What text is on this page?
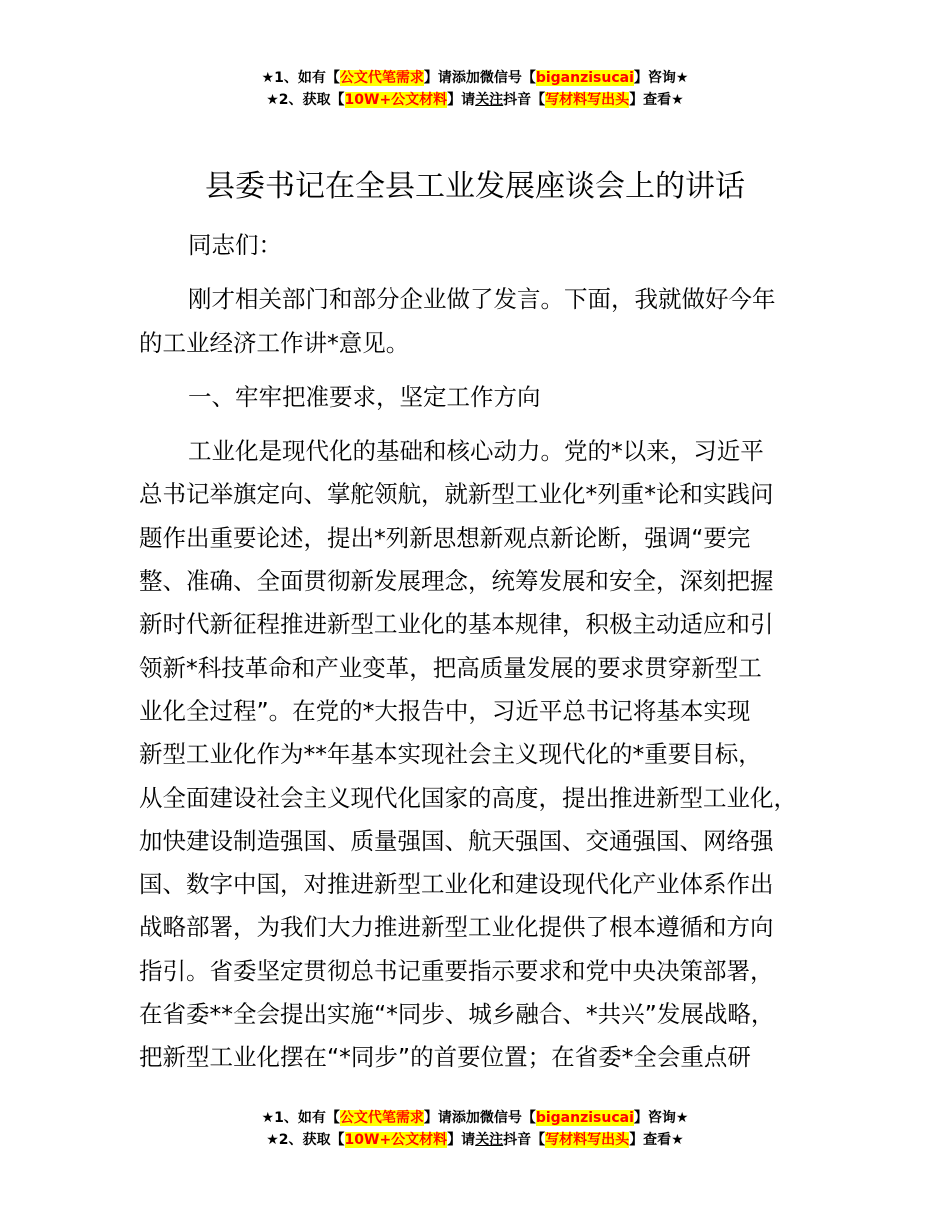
★1、如有【公文代笔需求】请添加微信号【biganzisucai】咨询★
★2、获取【10W+公文材料】请关注抖音【写材料写出头】查看★
县委书记在全县工业发展座谈会上的讲话

同志们：

刚才相关部门和部分企业做了发言。下面，我就做好今年
的工业经济工作讲*意见。

一、牢牢把准要求，坚定工作方向

工业化是现代化的基础和核心动力。党的*以来，习近平
总书记举旗定向、掌舵领航，就新型工业化*列重*论和实践问
题作出重要论述，提出*列新思想新观点新论断，强调“要完
整、准确、全面贯彻新发展理念，统筹发展和安全，深刻把握
新时代新征程推进新型工业化的基本规律，积极主动适应和引
领新*科技革命和产业变革，把高质量发展的要求贯穿新型工
业化全过程”。在党的*大报告中，习近平总书记将基本实现
新型工业化作为**年基本实现社会主义现代化的*重要目标，
从全面建设社会主义现代化国家的高度，提出推进新型工业化，
加快建设制造强国、质量强国、航天强国、交通强国、网络强
国、数字中国，对推进新型工业化和建设现代化产业体系作出
战略部署，为我们大力推进新型工业化提供了根本遵循和方向
指引。省委坚定贯彻总书记重要指示要求和党中央决策部署，
在省委**全会提出实施“*同步、城乡融合、*共兴”发展战略，
把新型工业化摆在“*同步”的首要位置；在省委*全会重点研

★1、如有【公文代笔需求】请添加微信号【biganzisucai】咨询★
★2、获取【10W+公文材料】请关注抖音【写材料写出头】查看★
